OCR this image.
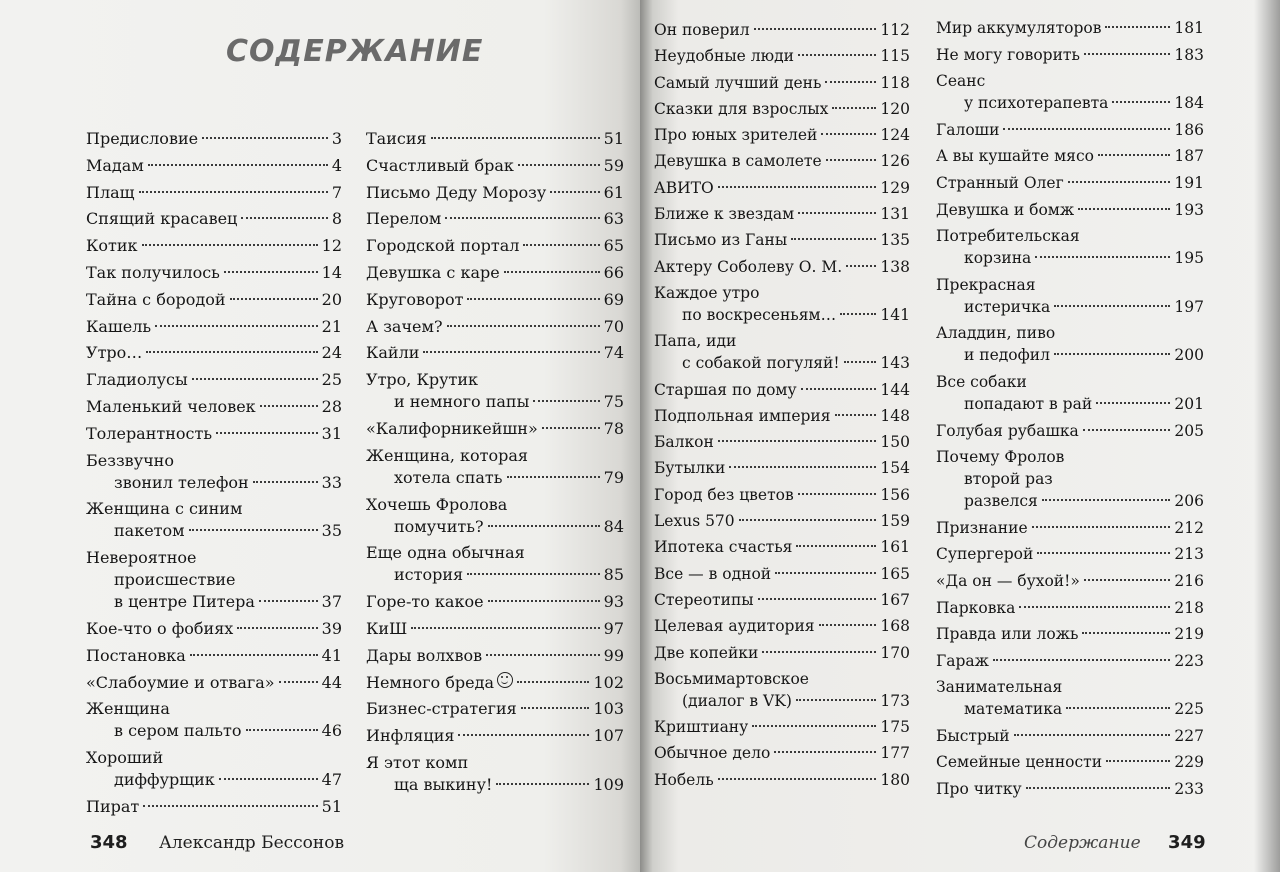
СОДЕРЖАНИЕ
Предисловие	3
Мадам	4
Плащ	7
Спящий красавец	8
Котик	12
Так получилось	14
Тайна с бородой	20
Кашель	21
Утро…	24
Гладиолусы	25
Маленький человек	28
Толерантность	31
Беззвучно
звонил телефон	33
Женщина с синим
пакетом	35
Невероятное
происшествие
в центре Питера	37
Кое-что о фобиях	39
Постановка	41
«Слабоумие и отвага»	44
Женщина
в сером пальто	46
Хороший
диффурщик	47
Пират	51
Таисия	51
Счастливый брак	59
Письмо Деду Морозу	61
Перелом	63
Городской портал	65
Девушка с каре	66
Круговорот	69
А зачем?	70
Кайли	74
Утро, Крутик
и немного папы	75
«Калифорникейшн»	78
Женщина, которая
хотела спать	79
Хочешь Фролова
помучить?	84
Еще одна обычная
история	85
Горе-то какое	93
КиШ	97
Дары волхвов	99
Немного бреда	102
Бизнес-стратегия	103
Инфляция	107
Я этот комп
ща выкину!	109
348 Александр Бессонов
Он поверил	112
Неудобные люди	115
Самый лучший день	118
Сказки для взрослых	120
Про юных зрителей	124
Девушка в самолете	126
АВИТО	129
Ближе к звездам	131
Письмо из Ганы	135
Актеру Соболеву О. М. 138
Каждое утро
по воскресеньям…	141
Папа, иди
с собакой погуляй!	143
Старшая по дому	144
Подпольная империя	148
Балкон	150
Бутылки	154
Город без цветов	156
Lexus 570	159
Ипотека счастья	161
Все — в одной	165
Стереотипы	167
Целевая аудитория	168
Две копейки	170
Восьмимартовское
(диалог в VK)	173
Криштиану	175
Обычное дело	177
Нобель	180
Мир аккумуляторов	181
Не могу говорить	183
Сеанс
у психотерапевта	184
Галоши	186
А вы кушайте мясо	187
Странный Олег	191
Девушка и бомж	193
Потребительская
корзина	195
Прекрасная
истеричка	197
Аладдин, пиво
и педофил	200
Все собаки
попадают в рай	201
Голубая рубашка	205
Почему Фролов
второй раз
развелся	206
Признание	212
Супергерой	213
«Да он — бухой!»	216
Парковка	218
Правда или ложь	219
Гараж	223
Занимательная
математика	225
Быстрый	227
Семейные ценности	229
Про читку	233
Содержание 349
